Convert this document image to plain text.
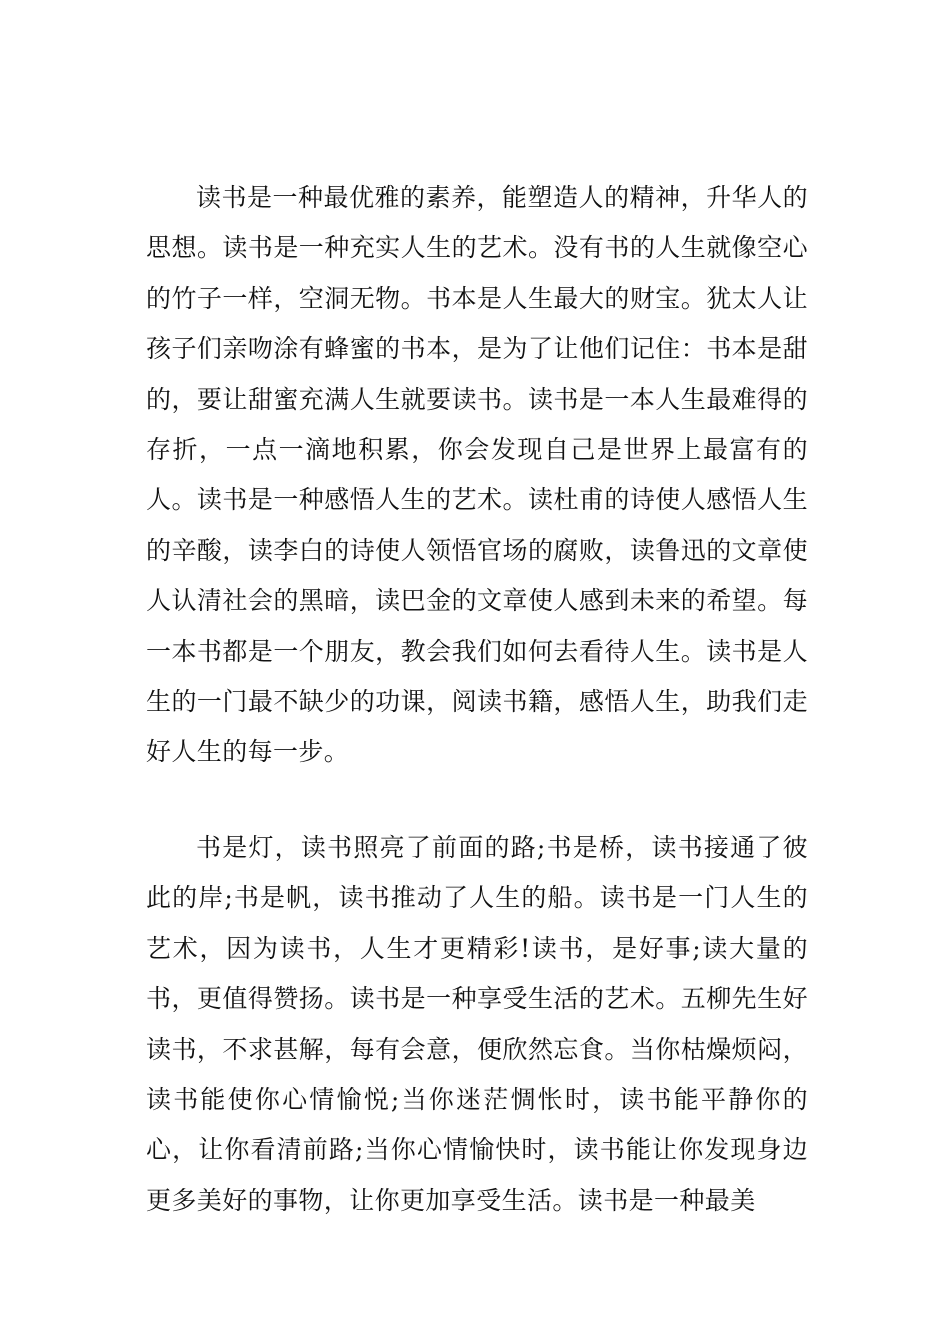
读书是一种最优雅的素养，能塑造人的精神，升华人的思想。读书是一种充实人生的艺术。没有书的人生就像空心的竹子一样，空洞无物。书本是人生最大的财宝。犹太人让孩子们亲吻涂有蜂蜜的书本，是为了让他们记住：书本是甜的，要让甜蜜充满人生就要读书。读书是一本人生最难得的存折，一点一滴地积累，你会发现自己是世界上最富有的人。读书是一种感悟人生的艺术。读杜甫的诗使人感悟人生的辛酸，读李白的诗使人领悟官场的腐败，读鲁迅的文章使人认清社会的黑暗，读巴金的文章使人感到未来的希望。每一本书都是一个朋友，教会我们如何去看待人生。读书是人生的一门最不缺少的功课，阅读书籍，感悟人生，助我们走好人生的每一步。

书是灯，读书照亮了前面的路;书是桥，读书接通了彼此的岸;书是帆，读书推动了人生的船。读书是一门人生的艺术，因为读书，人生才更精彩!读书，是好事;读大量的书，更值得赞扬。读书是一种享受生活的艺术。五柳先生好读书，不求甚解，每有会意，便欣然忘食。当你枯燥烦闷，读书能使你心情愉悦;当你迷茫惆怅时，读书能平静你的心，让你看清前路;当你心情愉快时，读书能让你发现身边更多美好的事物，让你更加享受生活。读书是一种最美
